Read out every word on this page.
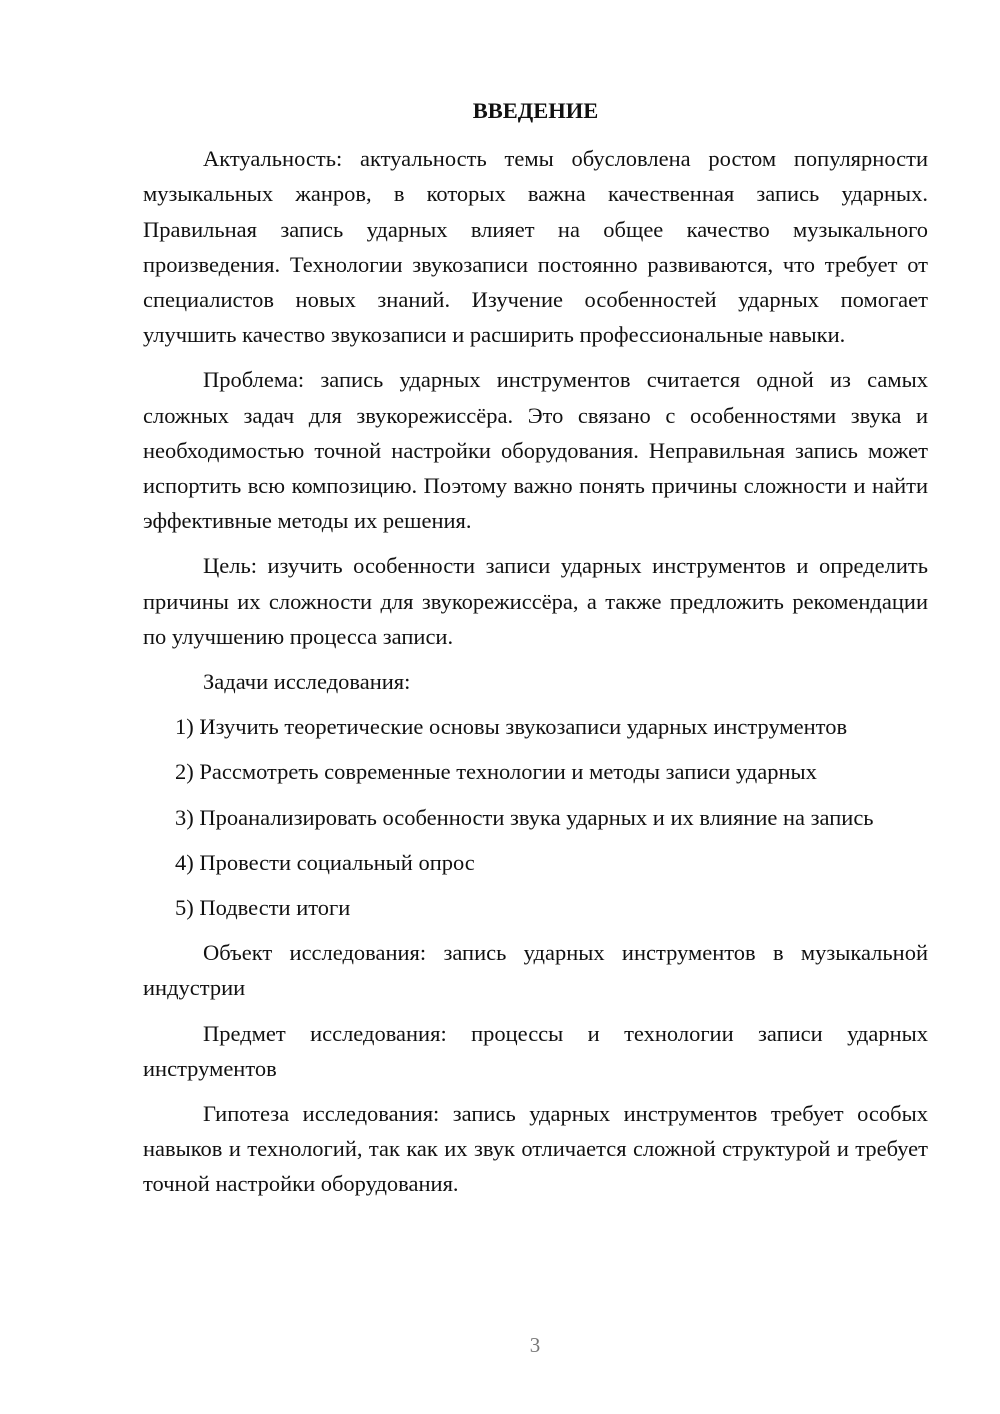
ВВЕДЕНИЕ

Актуальность: актуальность темы обусловлена ростом популярности музыкальных жанров, в которых важна качественная запись ударных. Правильная запись ударных влияет на общее качество музыкального произведения. Технологии звукозаписи постоянно развиваются, что требует от специалистов новых знаний. Изучение особенностей ударных помогает улучшить качество звукозаписи и расширить профессиональные навыки.

Проблема: запись ударных инструментов считается одной из самых сложных задач для звукорежиссёра. Это связано с особенностями звука и необходимостью точной настройки оборудования. Неправильная запись может испортить всю композицию. Поэтому важно понять причины сложности и найти эффективные методы их решения.

Цель: изучить особенности записи ударных инструментов и определить причины их сложности для звукорежиссёра, а также предложить рекомендации по улучшению процесса записи.

Задачи исследования:

1) Изучить теоретические основы звукозаписи ударных инструментов

2) Рассмотреть современные технологии и методы записи ударных

3) Проанализировать особенности звука ударных и их влияние на запись

4) Провести социальный опрос

5) Подвести итоги

Объект исследования: запись ударных инструментов в музыкальной индустрии

Предмет исследования: процессы и технологии записи ударных инструментов

Гипотеза исследования: запись ударных инструментов требует особых навыков и технологий, так как их звук отличается сложной структурой и требует точной настройки оборудования.

3
